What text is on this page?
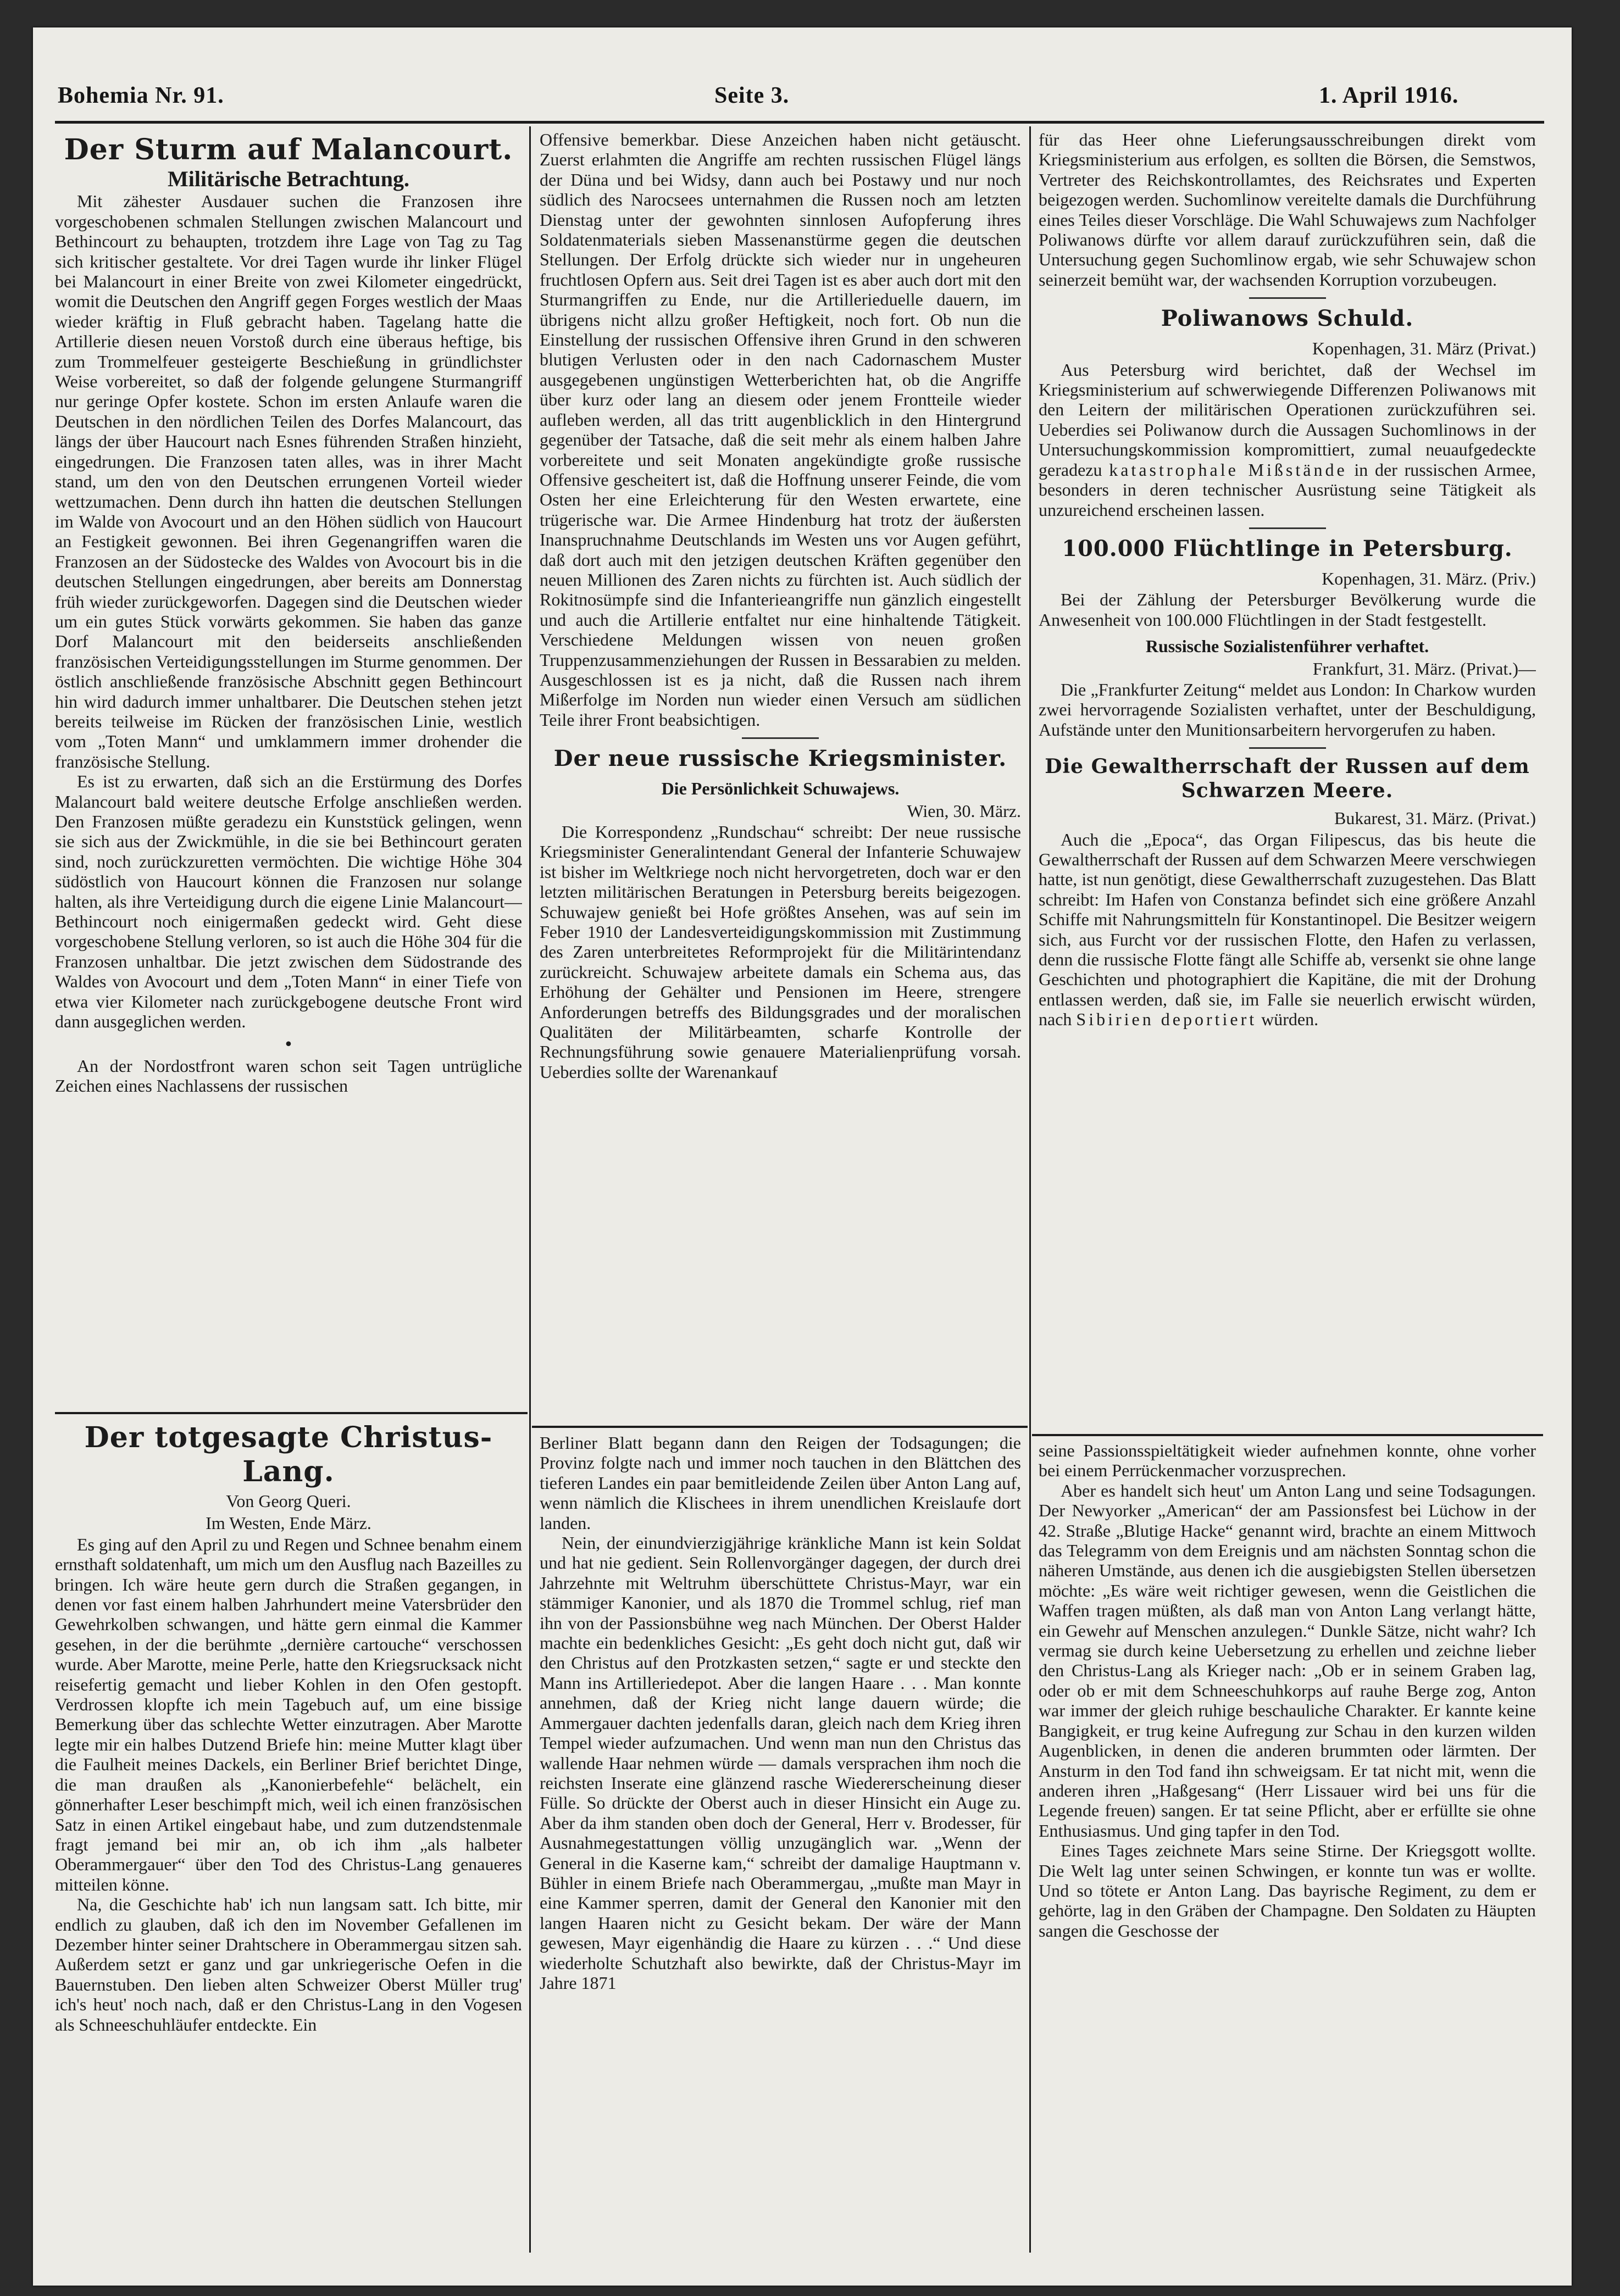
Bohemia Nr. 91.	Seite 3.	1. April 1916.
Der Sturm auf Malancourt.
Militärische Betrachtung.

Mit zähester Ausdauer suchen die Franzosen ihre vorgeschobenen schmalen Stellungen zwischen Malancourt und Bethincourt zu behaupten, trotzdem ihre Lage von Tag zu Tag sich kritischer gestaltete. Vor drei Tagen wurde ihr linker Flügel bei Malancourt in einer Breite von zwei Kilometer eingedrückt, womit die Deutschen den Angriff gegen Forges westlich der Maas wieder kräftig in Fluß gebracht haben. Tagelang hatte die Artillerie diesen neuen Vorstoß durch eine überaus heftige, bis zum Trommelfeuer gesteigerte Beschießung in gründlichster Weise vorbereitet, so daß der folgende gelungene Sturmangriff nur geringe Opfer kostete. Schon im ersten Anlaufe waren die Deutschen in den nördlichen Teilen des Dorfes Malancourt, das längs der über Haucourt nach Esnes führenden Straßen hinzieht, eingedrungen. Die Franzosen taten alles, was in ihrer Macht stand, um den von den Deutschen errungenen Vorteil wieder wettzumachen. Denn durch ihn hatten die deutschen Stellungen im Walde von Avocourt und an den Höhen südlich von Haucourt an Festigkeit gewonnen. Bei ihren Gegenangriffen waren die Franzosen an der Südostecke des Waldes von Avocourt bis in die deutschen Stellungen eingedrungen, aber bereits am Donnerstag früh wieder zurückgeworfen. Dagegen sind die Deutschen wieder um ein gutes Stück vorwärts gekommen. Sie haben das ganze Dorf Malancourt mit den beiderseits anschließenden französischen Verteidigungsstellungen im Sturme genommen. Der östlich anschließende französische Abschnitt gegen Bethincourt hin wird dadurch immer unhaltbarer. Die Deutschen stehen jetzt bereits teilweise im Rücken der französischen Linie, westlich vom „Toten Mann“ und umklammern immer drohender die französische Stellung.

Es ist zu erwarten, daß sich an die Erstürmung des Dorfes Malancourt bald weitere deutsche Erfolge anschließen werden. Den Franzosen müßte geradezu ein Kunststück gelingen, wenn sie sich aus der Zwickmühle, in die sie bei Bethincourt geraten sind, noch zurückzuretten vermöchten. Die wichtige Höhe 304 südöstlich von Haucourt können die Franzosen nur solange halten, als ihre Verteidigung durch die eigene Linie Malancourt—Bethincourt noch einigermaßen gedeckt wird. Geht diese vorgeschobene Stellung verloren, so ist auch die Höhe 304 für die Franzosen unhaltbar. Die jetzt zwischen dem Südostrande des Waldes von Avocourt und dem „Toten Mann“ in einer Tiefe von etwa vier Kilometer nach zurückgebogene deutsche Front wird dann ausgeglichen werden.

•

An der Nordostfront waren schon seit Tagen untrügliche Zeichen eines Nachlassens der russischen

Der totgesagte Christus-Lang.
Von Georg Queri.
Im Westen, Ende März.

Es ging auf den April zu und Regen und Schnee benahm einem ernsthaft soldatenhaft, um mich um den Ausflug nach Bazeilles zu bringen. Ich wäre heute gern durch die Straßen gegangen, in denen vor fast einem halben Jahrhundert meine Vatersbrüder den Gewehrkolben schwangen, und hätte gern einmal die Kammer gesehen, in der die berühmte „dernière cartouche“ verschossen wurde. Aber Marotte, meine Perle, hatte den Kriegsrucksack nicht reisefertig gemacht und lieber Kohlen in den Ofen gestopft. Verdrossen klopfte ich mein Tagebuch auf, um eine bissige Bemerkung über das schlechte Wetter einzutragen. Aber Marotte legte mir ein halbes Dutzend Briefe hin: meine Mutter klagt über die Faulheit meines Dackels, ein Berliner Brief berichtet Dinge, die man draußen als „Kanonierbefehle“ belächelt, ein gönnerhafter Leser beschimpft mich, weil ich einen französischen Satz in einen Artikel eingebaut habe, und zum dutzendstenmale fragt jemand bei mir an, ob ich ihm „als halbeter Oberammergauer“ über den Tod des Christus-Lang genaueres mitteilen könne.

Na, die Geschichte hab' ich nun langsam satt. Ich bitte, mir endlich zu glauben, daß ich den im November Gefallenen im Dezember hinter seiner Drahtschere in Oberammergau sitzen sah. Außerdem setzt er ganz und gar unkriegerische Oefen in die Bauernstuben. Den lieben alten Schweizer Oberst Müller trug' ich's heut' noch nach, daß er den Christus-Lang in den Vogesen als Schneeschuhläufer entdeckte. Ein

Offensive bemerkbar. Diese Anzeichen haben nicht getäuscht. Zuerst erlahmten die Angriffe am rechten russischen Flügel längs der Düna und bei Widsy, dann auch bei Postawy und nur noch südlich des Narocsees unternahmen die Russen noch am letzten Dienstag unter der gewohnten sinnlosen Aufopferung ihres Soldatenmaterials sieben Massenanstürme gegen die deutschen Stellungen. Der Erfolg drückte sich wieder nur in ungeheuren fruchtlosen Opfern aus. Seit drei Tagen ist es aber auch dort mit den Sturmangriffen zu Ende, nur die Artillerieduelle dauern, im übrigens nicht allzu großer Heftigkeit, noch fort. Ob nun die Einstellung der russischen Offensive ihren Grund in den schweren blutigen Verlusten oder in den nach Cadornaschem Muster ausgegebenen ungünstigen Wetterberichten hat, ob die Angriffe über kurz oder lang an diesem oder jenem Frontteile wieder aufleben werden, all das tritt augenblicklich in den Hintergrund gegenüber der Tatsache, daß die seit mehr als einem halben Jahre vorbereitete und seit Monaten angekündigte große russische Offensive gescheitert ist, daß die Hoffnung unserer Feinde, die vom Osten her eine Erleichterung für den Westen erwartete, eine trügerische war. Die Armee Hindenburg hat trotz der äußersten Inanspruchnahme Deutschlands im Westen uns vor Augen geführt, daß dort auch mit den jetzigen deutschen Kräften gegenüber den neuen Millionen des Zaren nichts zu fürchten ist. Auch südlich der Rokitnosümpfe sind die Infanterieangriffe nun gänzlich eingestellt und auch die Artillerie entfaltet nur eine hinhaltende Tätigkeit. Verschiedene Meldungen wissen von neuen großen Truppenzusammenziehungen der Russen in Bessarabien zu melden. Ausgeschlossen ist es ja nicht, daß die Russen nach ihrem Mißerfolge im Norden nun wieder einen Versuch am südlichen Teile ihrer Front beabsichtigen.

Der neue russische Kriegsminister.
Die Persönlichkeit Schuwajews.
Wien, 30. März.

Die Korrespondenz „Rundschau“ schreibt: Der neue russische Kriegsminister Generalintendant General der Infanterie Schuwajew ist bisher im Weltkriege noch nicht hervorgetreten, doch war er den letzten militärischen Beratungen in Petersburg bereits beigezogen. Schuwajew genießt bei Hofe größtes Ansehen, was auf sein im Feber 1910 der Landesverteidigungskommission mit Zustimmung des Zaren unterbreitetes Reformprojekt für die Militärintendanz zurückreicht. Schuwajew arbeitete damals ein Schema aus, das Erhöhung der Gehälter und Pensionen im Heere, strengere Anforderungen betreffs des Bildungsgrades und der moralischen Qualitäten der Militärbeamten, scharfe Kontrolle der Rechnungsführung sowie genauere Materialienprüfung vorsah. Ueberdies sollte der Warenankauf

Berliner Blatt begann dann den Reigen der Todsagungen; die Provinz folgte nach und immer noch tauchen in den Blättchen des tieferen Landes ein paar bemitleidende Zeilen über Anton Lang auf, wenn nämlich die Klischees in ihrem unendlichen Kreislaufe dort landen.

Nein, der einundvierzigjährige kränkliche Mann ist kein Soldat und hat nie gedient. Sein Rollenvorgänger dagegen, der durch drei Jahrzehnte mit Weltruhm überschüttete Christus-Mayr, war ein stämmiger Kanonier, und als 1870 die Trommel schlug, rief man ihn von der Passionsbühne weg nach München. Der Oberst Halder machte ein bedenkliches Gesicht: „Es geht doch nicht gut, daß wir den Christus auf den Protzkasten setzen,“ sagte er und steckte den Mann ins Artilleriedepot. Aber die langen Haare . . . Man konnte annehmen, daß der Krieg nicht lange dauern würde; die Ammergauer dachten jedenfalls daran, gleich nach dem Krieg ihren Tempel wieder aufzumachen. Und wenn man nun den Christus das wallende Haar nehmen würde — damals versprachen ihm noch die reichsten Inserate eine glänzend rasche Wiedererscheinung dieser Fülle. So drückte der Oberst auch in dieser Hinsicht ein Auge zu. Aber da ihm standen oben doch der General, Herr v. Brodesser, für Ausnahmegestattungen völlig unzugänglich war. „Wenn der General in die Kaserne kam,“ schreibt der damalige Hauptmann v. Bühler in einem Briefe nach Oberammergau, „mußte man Mayr in eine Kammer sperren, damit der General den Kanonier mit den langen Haaren nicht zu Gesicht bekam. Der wäre der Mann gewesen, Mayr eigenhändig die Haare zu kürzen . . .“ Und diese wiederholte Schutzhaft also bewirkte, daß der Christus-Mayr im Jahre 1871

für das Heer ohne Lieferungsausschreibungen direkt vom Kriegsministerium aus erfolgen, es sollten die Börsen, die Semstwos, Vertreter des Reichskontrollamtes, des Reichsrates und Experten beigezogen werden. Suchomlinow vereitelte damals die Durchführung eines Teiles dieser Vorschläge. Die Wahl Schuwajews zum Nachfolger Poliwanows dürfte vor allem darauf zurückzuführen sein, daß die Untersuchung gegen Suchomlinow ergab, wie sehr Schuwajew schon seinerzeit bemüht war, der wachsenden Korruption vorzubeugen.

Poliwanows Schuld.
Kopenhagen, 31. März (Privat.)

Aus Petersburg wird berichtet, daß der Wechsel im Kriegsministerium auf schwerwiegende Differenzen Poliwanows mit den Leitern der militärischen Operationen zurückzuführen sei. Ueberdies sei Poliwanow durch die Aussagen Suchomlinows in der Untersuchungskommission kompromittiert, zumal neuaufgedeckte geradezu katastrophale Mißstände in der russischen Armee, besonders in deren technischer Ausrüstung seine Tätigkeit als unzureichend erscheinen lassen.

100.000 Flüchtlinge in Petersburg.
Kopenhagen, 31. März. (Priv.)

Bei der Zählung der Petersburger Bevölkerung wurde die Anwesenheit von 100.000 Flüchtlingen in der Stadt festgestellt.

Russische Sozialistenführer verhaftet.
Frankfurt, 31. März. (Privat.)—

Die „Frankfurter Zeitung“ meldet aus London: In Charkow wurden zwei hervorragende Sozialisten verhaftet, unter der Beschuldigung, Aufstände unter den Munitionsarbeitern hervorgerufen zu haben.

Die Gewaltherrschaft der Russen auf dem Schwarzen Meere.
Bukarest, 31. März. (Privat.)

Auch die „Epoca“, das Organ Filipescus, das bis heute die Gewaltherrschaft der Russen auf dem Schwarzen Meere verschwiegen hatte, ist nun genötigt, diese Gewaltherrschaft zuzugestehen. Das Blatt schreibt: Im Hafen von Constanza befindet sich eine größere Anzahl Schiffe mit Nahrungsmitteln für Konstantinopel. Die Besitzer weigern sich, aus Furcht vor der russischen Flotte, den Hafen zu verlassen, denn die russische Flotte fängt alle Schiffe ab, versenkt sie ohne lange Geschichten und photographiert die Kapitäne, die mit der Drohung entlassen werden, daß sie, im Falle sie neuerlich erwischt würden, nach Sibirien deportiert würden.

seine Passionsspieltätigkeit wieder aufnehmen konnte, ohne vorher bei einem Perrückenmacher vorzusprechen.

Aber es handelt sich heut' um Anton Lang und seine Todsagungen. Der Newyorker „American“ der am Passionsfest bei Lüchow in der 42. Straße „Blutige Hacke“ genannt wird, brachte an einem Mittwoch das Telegramm von dem Ereignis und am nächsten Sonntag schon die näheren Umstände, aus denen ich die ausgiebigsten Stellen übersetzen möchte: „Es wäre weit richtiger gewesen, wenn die Geistlichen die Waffen tragen müßten, als daß man von Anton Lang verlangt hätte, ein Gewehr auf Menschen anzulegen.“ Dunkle Sätze, nicht wahr? Ich vermag sie durch keine Uebersetzung zu erhellen und zeichne lieber den Christus-Lang als Krieger nach: „Ob er in seinem Graben lag, oder ob er mit dem Schneeschuhkorps auf rauhe Berge zog, Anton war immer der gleich ruhige beschauliche Charakter. Er kannte keine Bangigkeit, er trug keine Aufregung zur Schau in den kurzen wilden Augenblicken, in denen die anderen brummten oder lärmten. Der Ansturm in den Tod fand ihn schweigsam. Er tat nicht mit, wenn die anderen ihren „Haßgesang“ (Herr Lissauer wird bei uns für die Legende freuen) sangen. Er tat seine Pflicht, aber er erfüllte sie ohne Enthusiasmus. Und ging tapfer in den Tod.

Eines Tages zeichnete Mars seine Stirne. Der Kriegsgott wollte. Die Welt lag unter seinen Schwingen, er konnte tun was er wollte. Und so tötete er Anton Lang. Das bayrische Regiment, zu dem er gehörte, lag in den Gräben der Champagne. Den Soldaten zu Häupten sangen die Geschosse der
